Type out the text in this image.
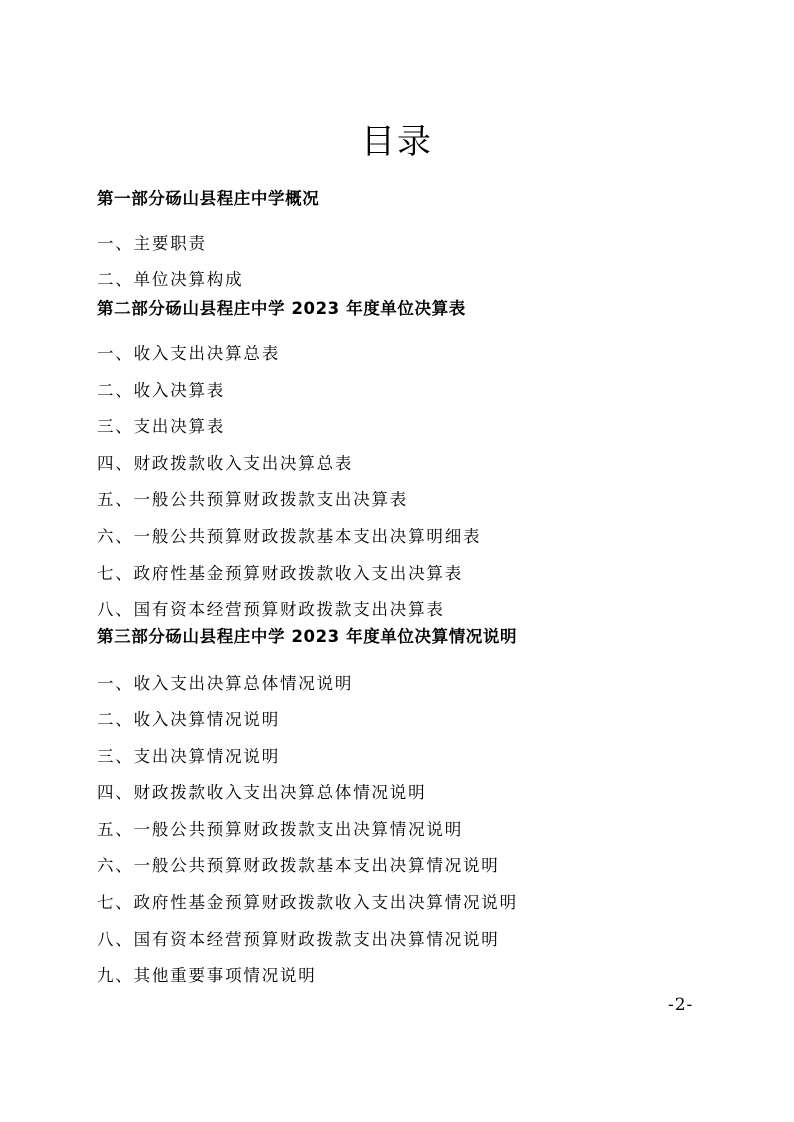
目录
第一部分砀山县程庄中学概况
一、主要职责
二、单位决算构成
第二部分砀山县程庄中学 2023 年度单位决算表
一、收入支出决算总表
二、收入决算表
三、支出决算表
四、财政拨款收入支出决算总表
五、一般公共预算财政拨款支出决算表
六、一般公共预算财政拨款基本支出决算明细表
七、政府性基金预算财政拨款收入支出决算表
八、国有资本经营预算财政拨款支出决算表
第三部分砀山县程庄中学 2023 年度单位决算情况说明
一、收入支出决算总体情况说明
二、收入决算情况说明
三、支出决算情况说明
四、财政拨款收入支出决算总体情况说明
五、一般公共预算财政拨款支出决算情况说明
六、一般公共预算财政拨款基本支出决算情况说明
七、政府性基金预算财政拨款收入支出决算情况说明
八、国有资本经营预算财政拨款支出决算情况说明
九、其他重要事项情况说明
-2-
